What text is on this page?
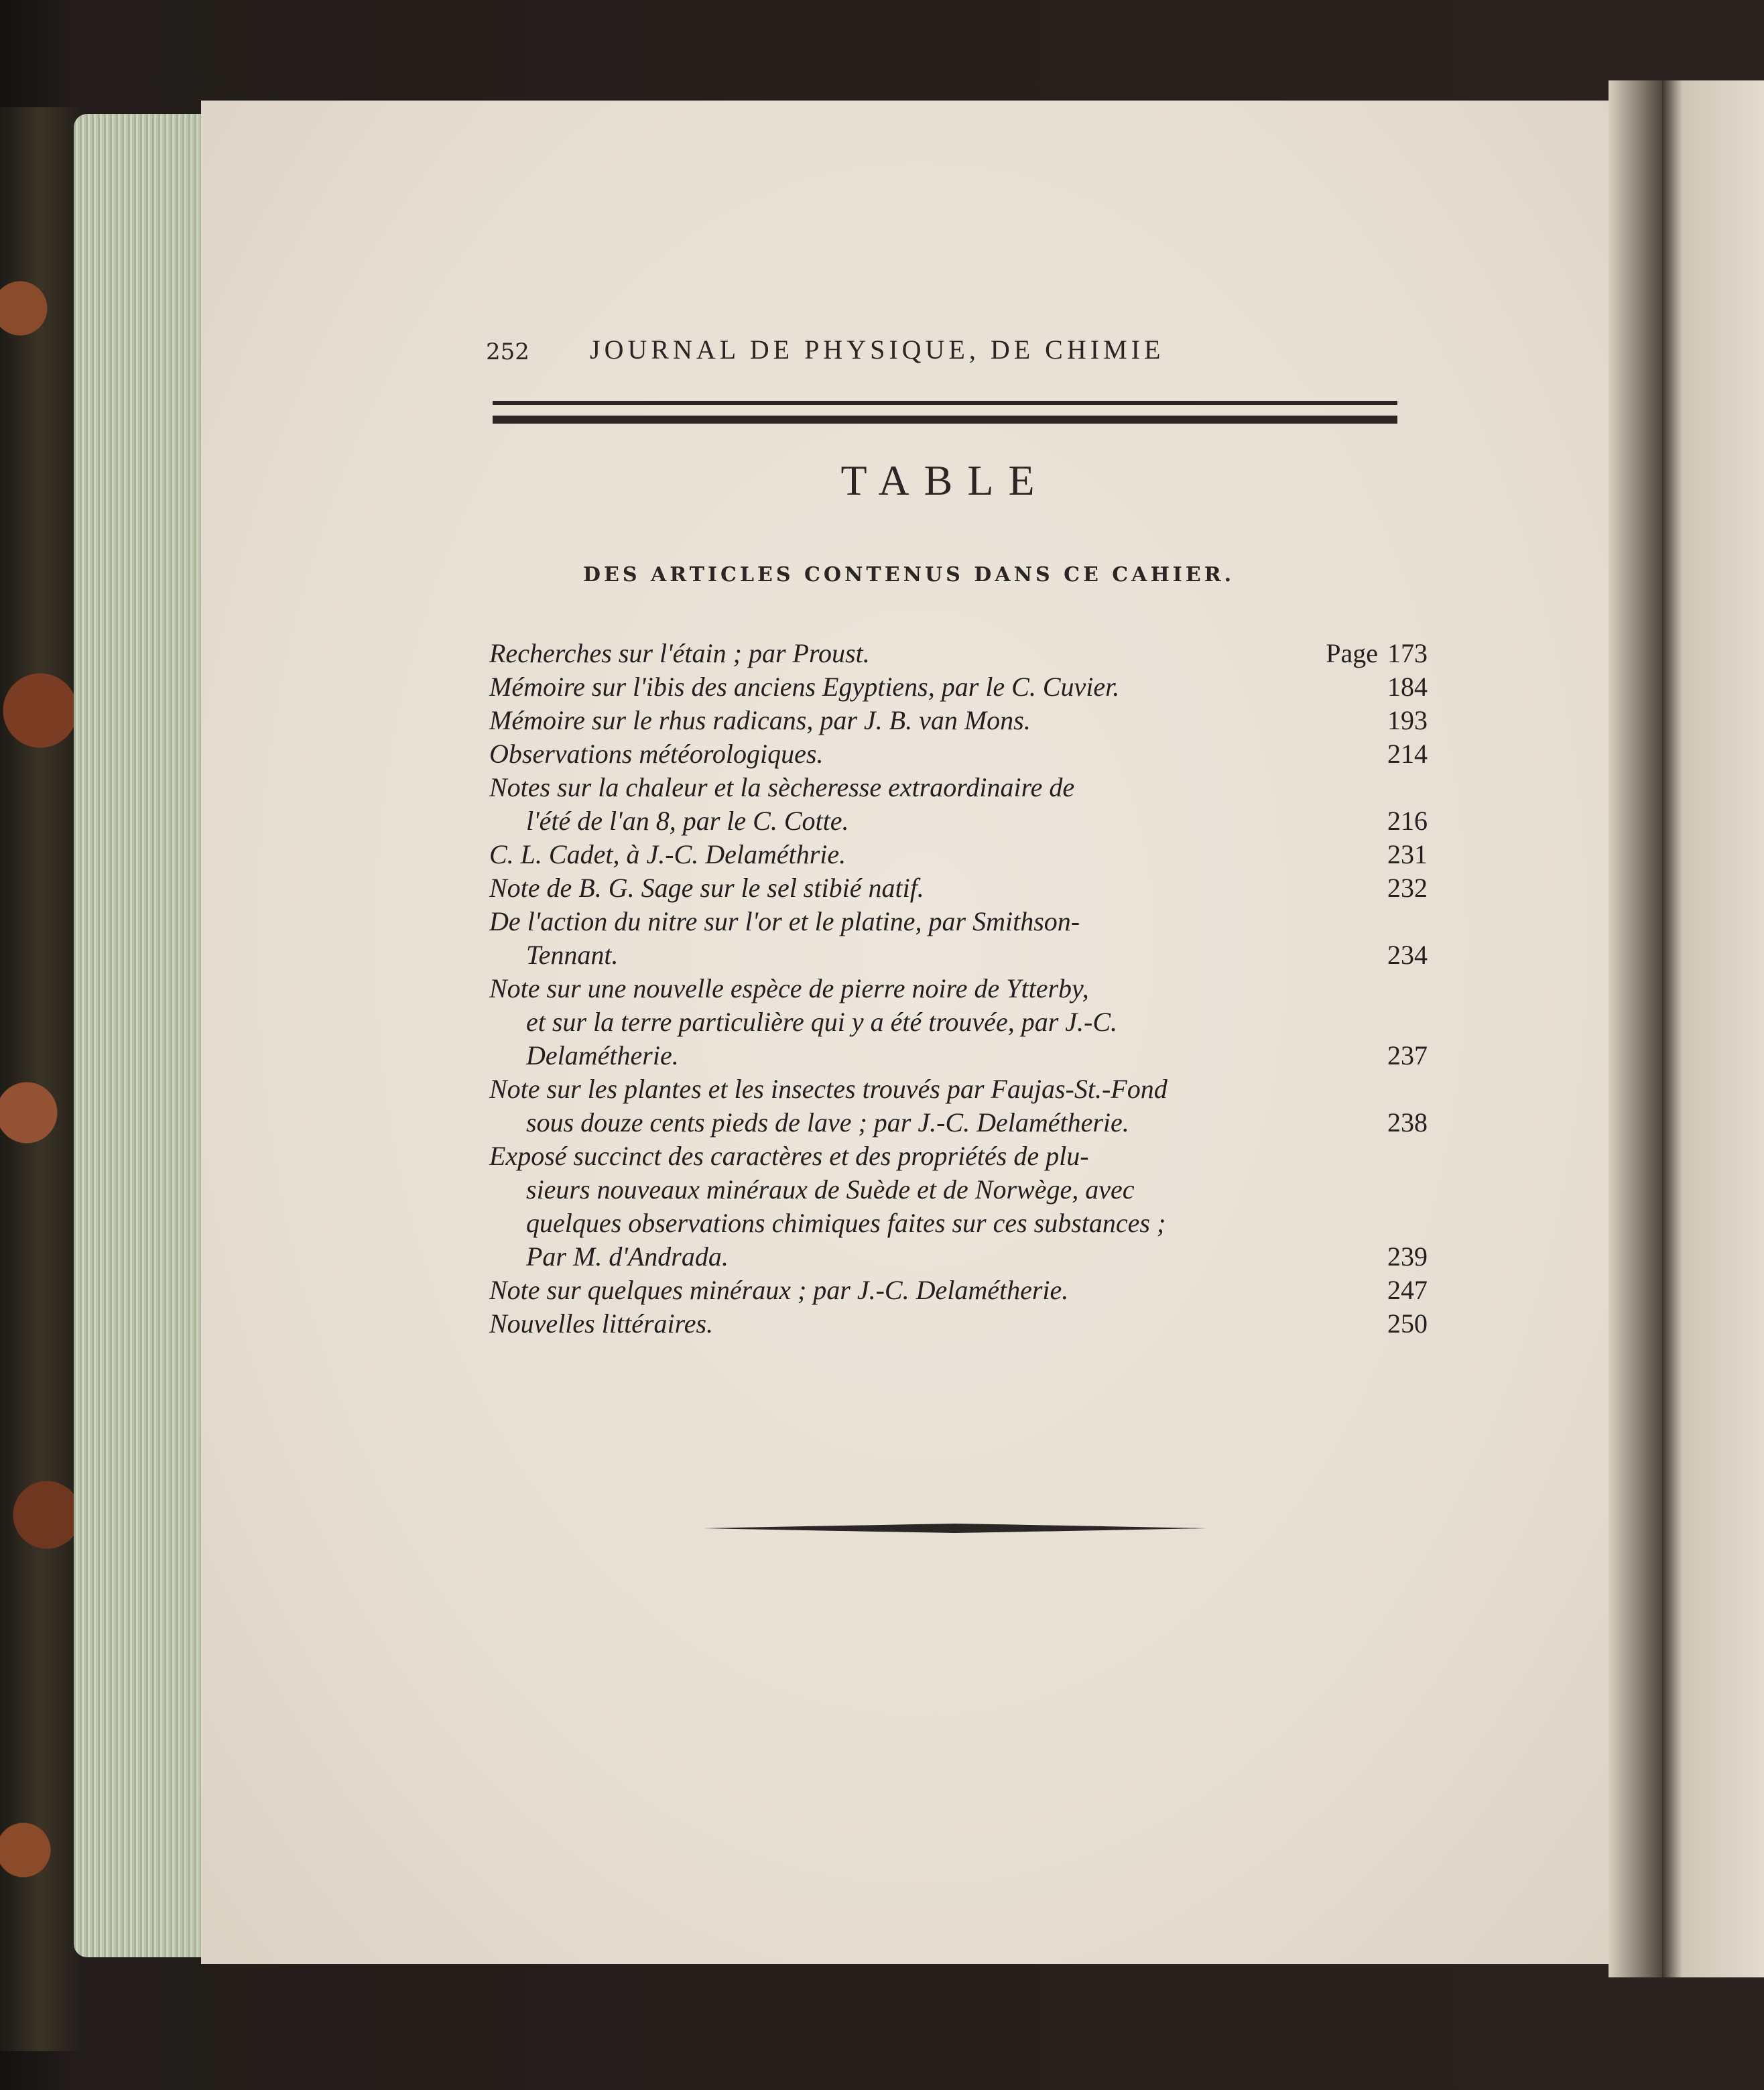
252 JOURNAL DE PHYSIQUE, DE CHIMIE
TABLE
DES ARTICLES CONTENUS DANS CE CAHIER.
Recherches sur l'étain ; par Proust.	Page 173
Mémoire sur l'ibis des anciens Egyptiens, par le C. Cuvier.	184
Mémoire sur le rhus radicans, par J. B. van Mons.	193
Observations météorologiques.	214
Notes sur la chaleur et la sècheresse extraordinaire de
l'été de l'an 8, par le C. Cotte.	216
C. L. Cadet, à J.-C. Delaméthrie.	231
Note de B. G. Sage sur le sel stibié natif.	232
De l'action du nitre sur l'or et le platine, par Smithson-
Tennant.	234
Note sur une nouvelle espèce de pierre noire de Ytterby,
et sur la terre particulière qui y a été trouvée, par J.-C.
Delamétherie.	237
Note sur les plantes et les insectes trouvés par Faujas-St.-Fond
sous douze cents pieds de lave ; par J.-C. Delamétherie.	238
Exposé succinct des caractères et des propriétés de plu-
sieurs nouveaux minéraux de Suède et de Norwège, avec
quelques observations chimiques faites sur ces substances ;
Par M. d'Andrada.	239
Note sur quelques minéraux ; par J.-C. Delamétherie.	247
Nouvelles littéraires.	250
